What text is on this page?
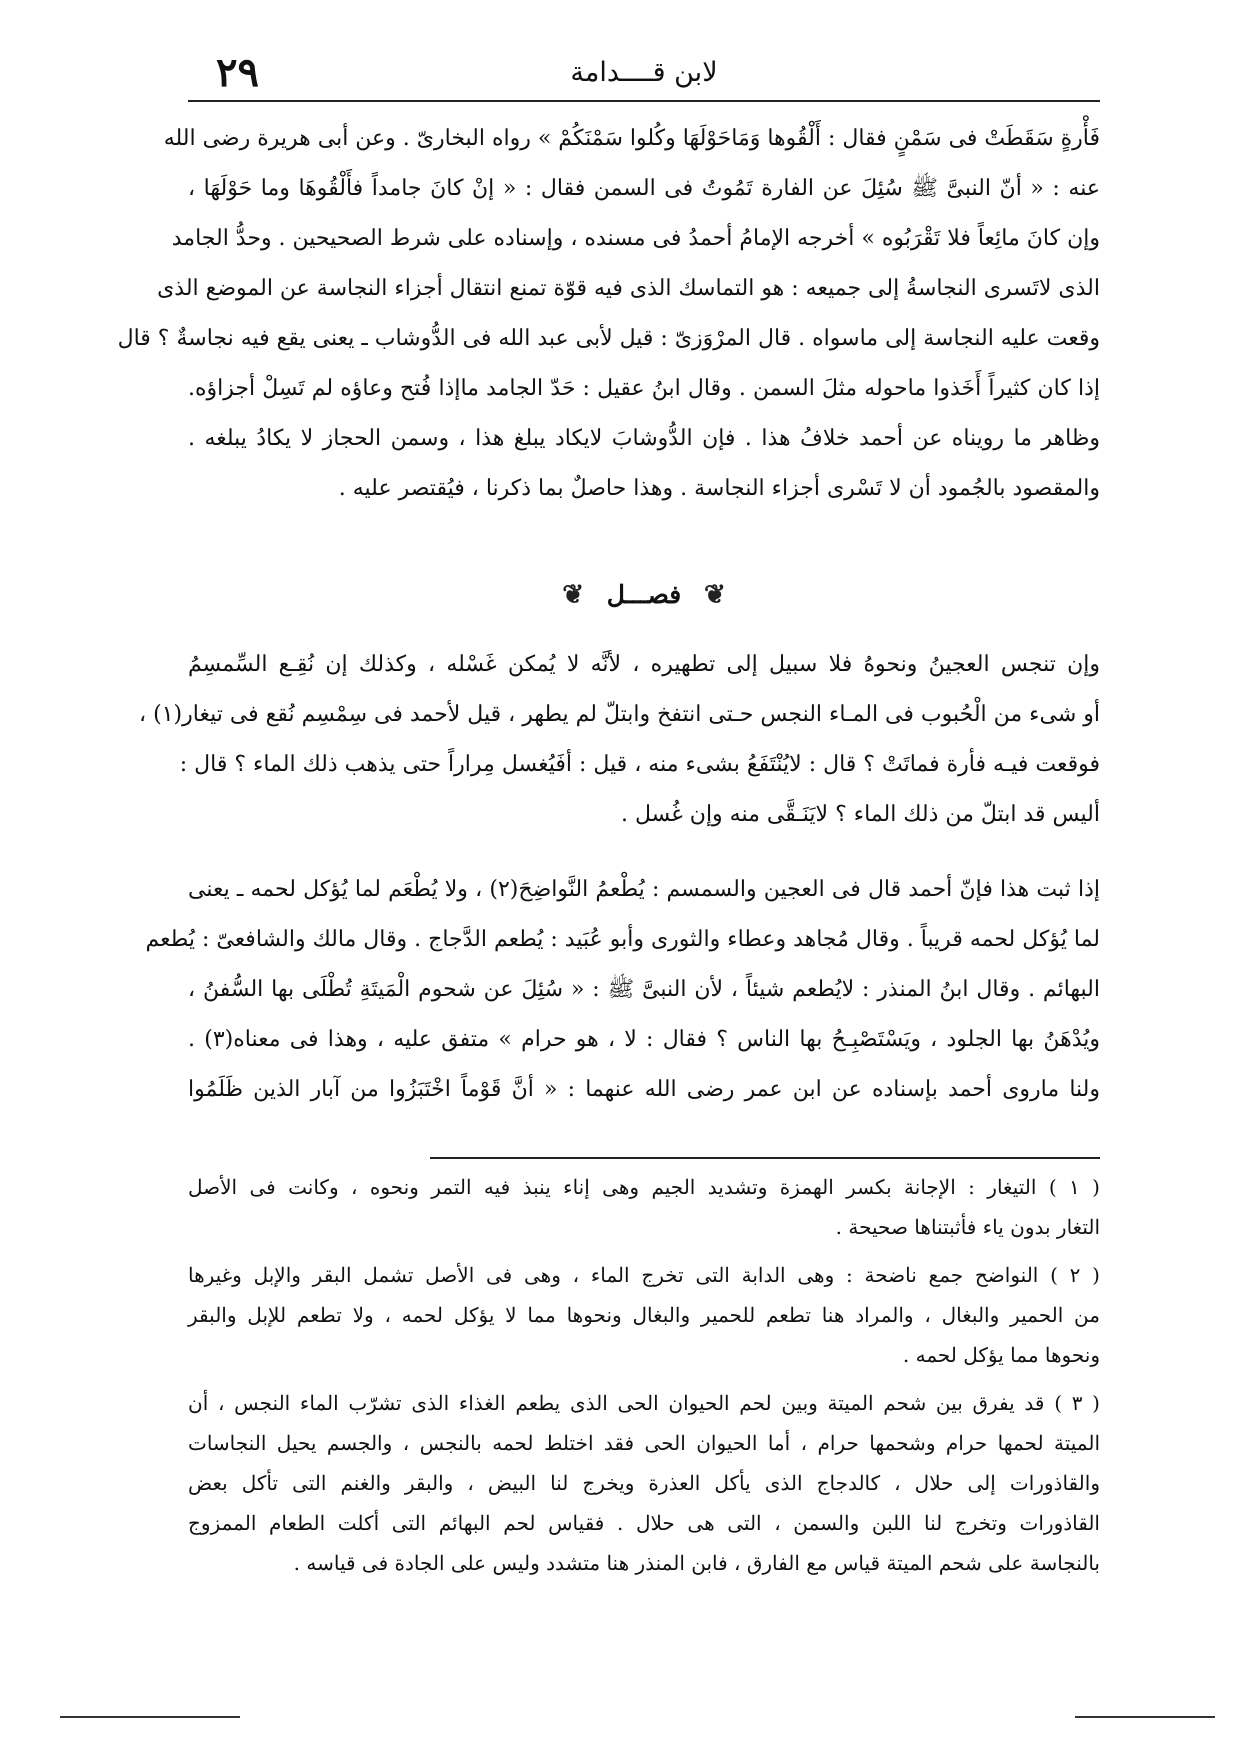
٢٩	لابن قــــدامة
فَأْرةٍ سَقَطَتْ فى سَمْنٍ فقال : أَلْقُوها وَمَاحَوْلَهَا وكُلوا سَمْنَكُمْ » رواه البخارىّ . وعن أبى هريرة رضى الله
عنه : « أنّ النبىَّ ﷺ سُئِلَ عن الفارة تَمُوتُ فى السمن فقال : « إنْ كانَ جامداً فأَلْقُوهَا وما حَوْلَهَا ،
وإن كانَ مائِعاً فلا تَقْرَبُوه » أخرجه الإمامُ أحمدُ فى مسنده ، وإسناده على شرط الصحيحين . وحدُّ الجامد
الذى لاتَسرى النجاسةُ إلى جميعه : هو التماسك الذى فيه قوّة تمنع انتقال أجزاء النجاسة عن الموضع الذى
وقعت عليه النجاسة إلى ماسواه . قال المرْوَزىّ : قيل لأبى عبد الله فى الدُّوشاب ـ يعنى يقع فيه نجاسةٌ ؟ قال
إذا كان كثيراً أَخَذوا ماحوله مثلَ السمن . وقال ابنُ عقيل : حَدّ الجامد ماإذا فُتح وعاؤه لم تَسِلْ أجزاؤه.
وظاهر ما رويناه عن أحمد خلافُ هذا . فإن الدُّوشابَ لايكاد يبلغ هذا ، وسمن الحجاز لا يكادُ يبلغه .
والمقصود بالجُمود أن لا تَسْرى أجزاء النجاسة . وهذا حاصلٌ بما ذكرنا ، فيُقتصر عليه .
❦ فصـــل ❦
وإن تنجس العجينُ ونحوهُ فلا سبيل إلى تطهيره ، لأنَّه لا يُمكن غَسْله ، وكذلك إن نُقِـع السِّمسِمُ
أو شىء من الْحُبوب فى المـاء النجس حـتى انتفخ وابتلّ لم يطهر ، قيل لأحمد فى سِمْسِم نُقع فى تيغار(١) ،
فوقعت فيـه فأرة فماتَتْ ؟ قال : لايُنْتَفَعُ بشىء منه ، قيل : أفَيُغسل مِراراً حتى يذهب ذلك الماء ؟ قال :
أليس قد ابتلّ من ذلك الماء ؟ لايَنَـقَّى منه وإن غُسل .
إذا ثبت هذا فإنّ أحمد قال فى العجين والسمسم : يُطْعمُ النَّواضِحَ(٢) ، ولا يُطْعَم لما يُؤكل لحمه ـ يعنى
لما يُؤكل لحمه قريباً . وقال مُجاهد وعطاء والثورى وأبو عُبَيد : يُطعم الدَّجاج . وقال مالك والشافعىّ : يُطعم
البهائم . وقال ابنُ المنذر : لايُطعم شيئاً ، لأن النبىَّ ﷺ : « سُئِلَ عن شحوم الْمَيتَةِ تُطْلَى بها السُّفنُ ،
ويُدْهَنُ بها الجلود ، ويَسْتَصْبِـحُ بها الناس ؟ فقال : لا ، هو حرام » متفق عليه ، وهذا فى معناه(٣) .
ولنا ماروى أحمد بإسناده عن ابن عمر رضى الله عنهما : « أنَّ قَوْماً اخْتَبَزُوا من آبار الذين ظَلَمُوا
( ١ ) التيغار : الإجانة بكسر الهمزة وتشديد الجيم وهى إناء ينبذ فيه التمر ونحوه ، وكانت فى الأصل
التغار بدون ياء فأثبتناها صحيحة .
( ٢ ) النواضح جمع ناضحة : وهى الدابة التى تخرج الماء ، وهى فى الأصل تشمل البقر والإبل وغيرها
من الحمير والبغال ، والمراد هنا تطعم للحمير والبغال ونحوها مما لا يؤكل لحمه ، ولا تطعم للإبل والبقر
ونحوها مما يؤكل لحمه .
( ٣ ) قد يفرق بين شحم الميتة وبين لحم الحيوان الحى الذى يطعم الغذاء الذى تشرّب الماء النجس ، أن
الميتة لحمها حرام وشحمها حرام ، أما الحيوان الحى فقد اختلط لحمه بالنجس ، والجسم يحيل النجاسات
والقاذورات إلى حلال ، كالدجاج الذى يأكل العذرة ويخرج لنا البيض ، والبقر والغنم التى تأكل بعض
القاذورات وتخرج لنا اللبن والسمن ، التى هى حلال . فقياس لحم البهائم التى أكلت الطعام الممزوج
بالنجاسة على شحم الميتة قياس مع الفارق ، فابن المنذر هنا متشدد وليس على الجادة فى قياسه .
